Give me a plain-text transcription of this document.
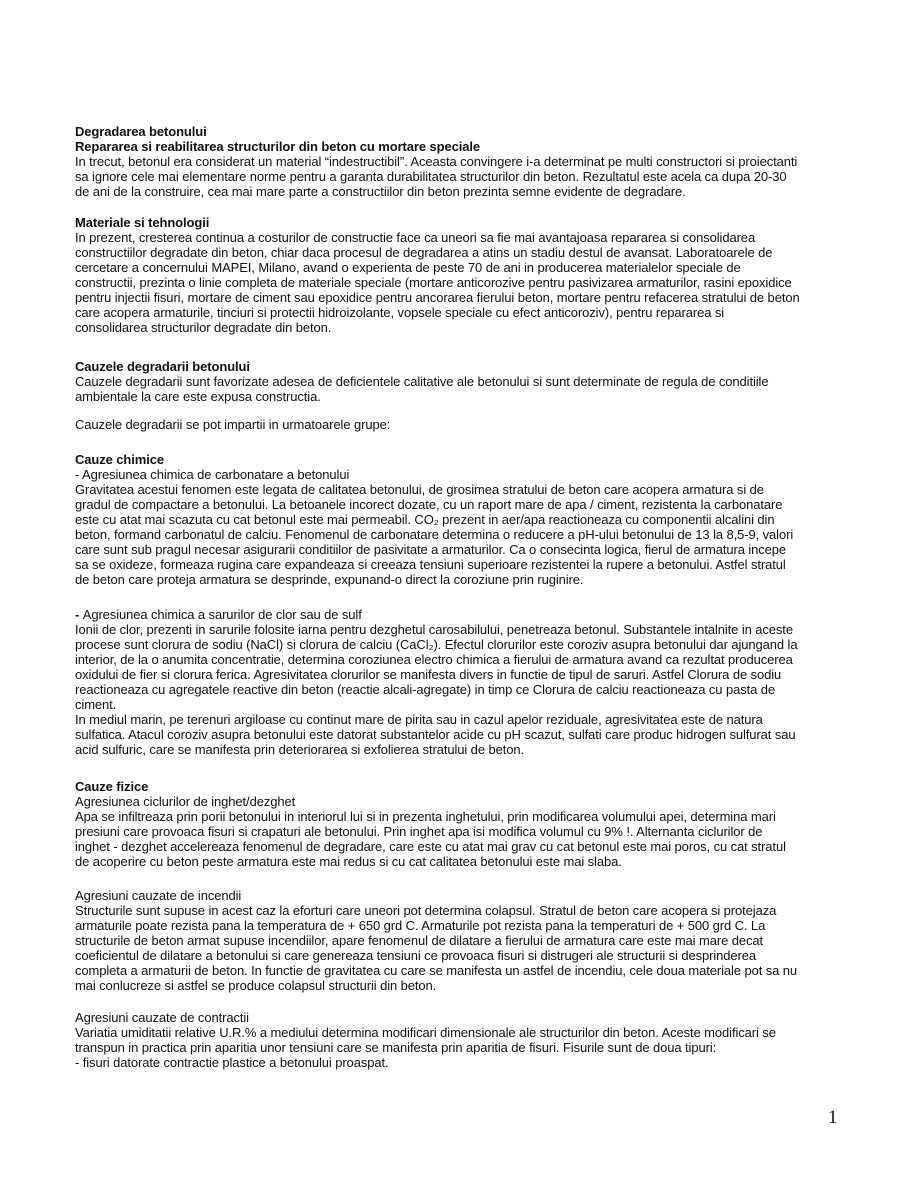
Degradarea betonului
Repararea si reabilitarea structurilor din beton cu mortare speciale
In trecut, betonul era considerat un material “indestructibil”. Aceasta convingere i-a determinat pe multi constructori si proiectanti
sa ignore cele mai elementare norme pentru a garanta durabilitatea structurilor din beton. Rezultatul este acela ca dupa 20-30
de ani de la construire, cea mai mare parte a constructiilor din beton prezinta semne evidente de degradare.
Materiale si tehnologii
In prezent, cresterea continua a costurilor de constructie face ca uneori sa fie mai avantajoasa repararea si consolidarea
constructiilor degradate din beton, chiar daca procesul de degradarea a atins un stadiu destul de avansat. Laboratoarele de
cercetare a concernului MAPEI, Milano, avand o experienta de peste 70 de ani in producerea materialelor speciale de
constructii, prezinta o linie completa de materiale speciale (mortare anticorozive pentru pasivizarea armaturilor, rasini epoxidice
pentru injectii fisuri, mortare de ciment sau epoxidice pentru ancorarea fierului beton, mortare pentru refacerea stratului de beton
care acopera armaturile, tinciuri si protectii hidroizolante, vopsele speciale cu efect anticoroziv), pentru repararea si
consolidarea structurilor degradate din beton.
Cauzele degradarii betonului
Cauzele degradarii sunt favorizate adesea de deficientele calitative ale betonului si sunt determinate de regula de conditiile
ambientale la care este expusa constructia.
Cauzele degradarii se pot impartii in urmatoarele grupe:
Cauze chimice
- Agresiunea chimica de carbonatare a betonului
Gravitatea acestui fenomen este legata de calitatea betonului, de grosimea stratului de beton care acopera armatura si de
gradul de compactare a betonului. La betoanele incorect dozate, cu un raport mare de apa / ciment, rezistenta la carbonatare
este cu atat mai scazuta cu cat betonul este mai permeabil. CO₂ prezent in aer/apa reactioneaza cu componentii alcalini din
beton, formand carbonatul de calciu. Fenomenul de carbonatare determina o reducere a pH-ului betonului de 13 la 8,5-9, valori
care sunt sub pragul necesar asigurarii conditiilor de pasivitate a armaturilor. Ca o consecinta logica, fierul de armatura incepe
sa se oxideze, formeaza rugina care expandeaza si creeaza tensiuni superioare rezistentei la rupere a betonului. Astfel stratul
de beton care proteja armatura se desprinde, expunand-o direct la coroziune prin ruginire.
- Agresiunea chimica a sarurilor de clor sau de sulf
Ionii de clor, prezenti in sarurile folosite iarna pentru dezghetul carosabilului, penetreaza betonul. Substantele intalnite in aceste
procese sunt clorura de sodiu (NaCl) si clorura de calciu (CaCl₂). Efectul clorurilor este coroziv asupra betonului dar ajungand la
interior, de la o anumita concentratie, determina coroziunea electro chimica a fierului de armatura avand ca rezultat producerea
oxidului de fier si clorura ferica. Agresivitatea clorurilor se manifesta divers in functie de tipul de saruri. Astfel Clorura de sodiu
reactioneaza cu agregatele reactive din beton (reactie alcali-agregate) in timp ce Clorura de calciu reactioneaza cu pasta de
ciment.
In mediul marin, pe terenuri argiloase cu continut mare de pirita sau in cazul apelor reziduale, agresivitatea este de natura
sulfatica. Atacul coroziv asupra betonului este datorat substantelor acide cu pH scazut, sulfati care produc hidrogen sulfurat sau
acid sulfuric, care se manifesta prin deteriorarea si exfolierea stratului de beton.
Cauze fizice
Agresiunea ciclurilor de inghet/dezghet
Apa se infiltreaza prin porii betonului in interiorul lui si in prezenta inghetului, prin modificarea volumului apei, determina mari
presiuni care provoaca fisuri si crapaturi ale betonului. Prin inghet apa isi modifica volumul cu 9% !. Alternanta ciclurilor de
inghet - dezghet accelereaza fenomenul de degradare, care este cu atat mai grav cu cat betonul este mai poros, cu cat stratul
de acoperire cu beton peste armatura este mai redus si cu cat calitatea betonului este mai slaba.
Agresiuni cauzate de incendii
Structurile sunt supuse in acest caz la eforturi care uneori pot determina colapsul. Stratul de beton care acopera si protejaza
armaturile poate rezista pana la temperatura de + 650 grd C. Armaturile pot rezista pana la temperaturi de + 500 grd C. La
structurile de beton armat supuse incendiilor, apare fenomenul de dilatare a fierului de armatura care este mai mare decat
coeficientul de dilatare a betonului si care genereaza tensiuni ce provoaca fisuri si distrugeri ale structurii si desprinderea
completa a armaturii de beton. In functie de gravitatea cu care se manifesta un astfel de incendiu, cele doua materiale pot sa nu
mai conlucreze si astfel se produce colapsul structurii din beton.
Agresiuni cauzate de contractii
Variatia umiditatii relative U.R.% a mediului determina modificari dimensionale ale structurilor din beton. Aceste modificari se
transpun in practica prin aparitia unor tensiuni care se manifesta prin aparitia de fisuri. Fisurile sunt de doua tipuri:
- fisuri datorate contractie plastice a betonului proaspat.
1
